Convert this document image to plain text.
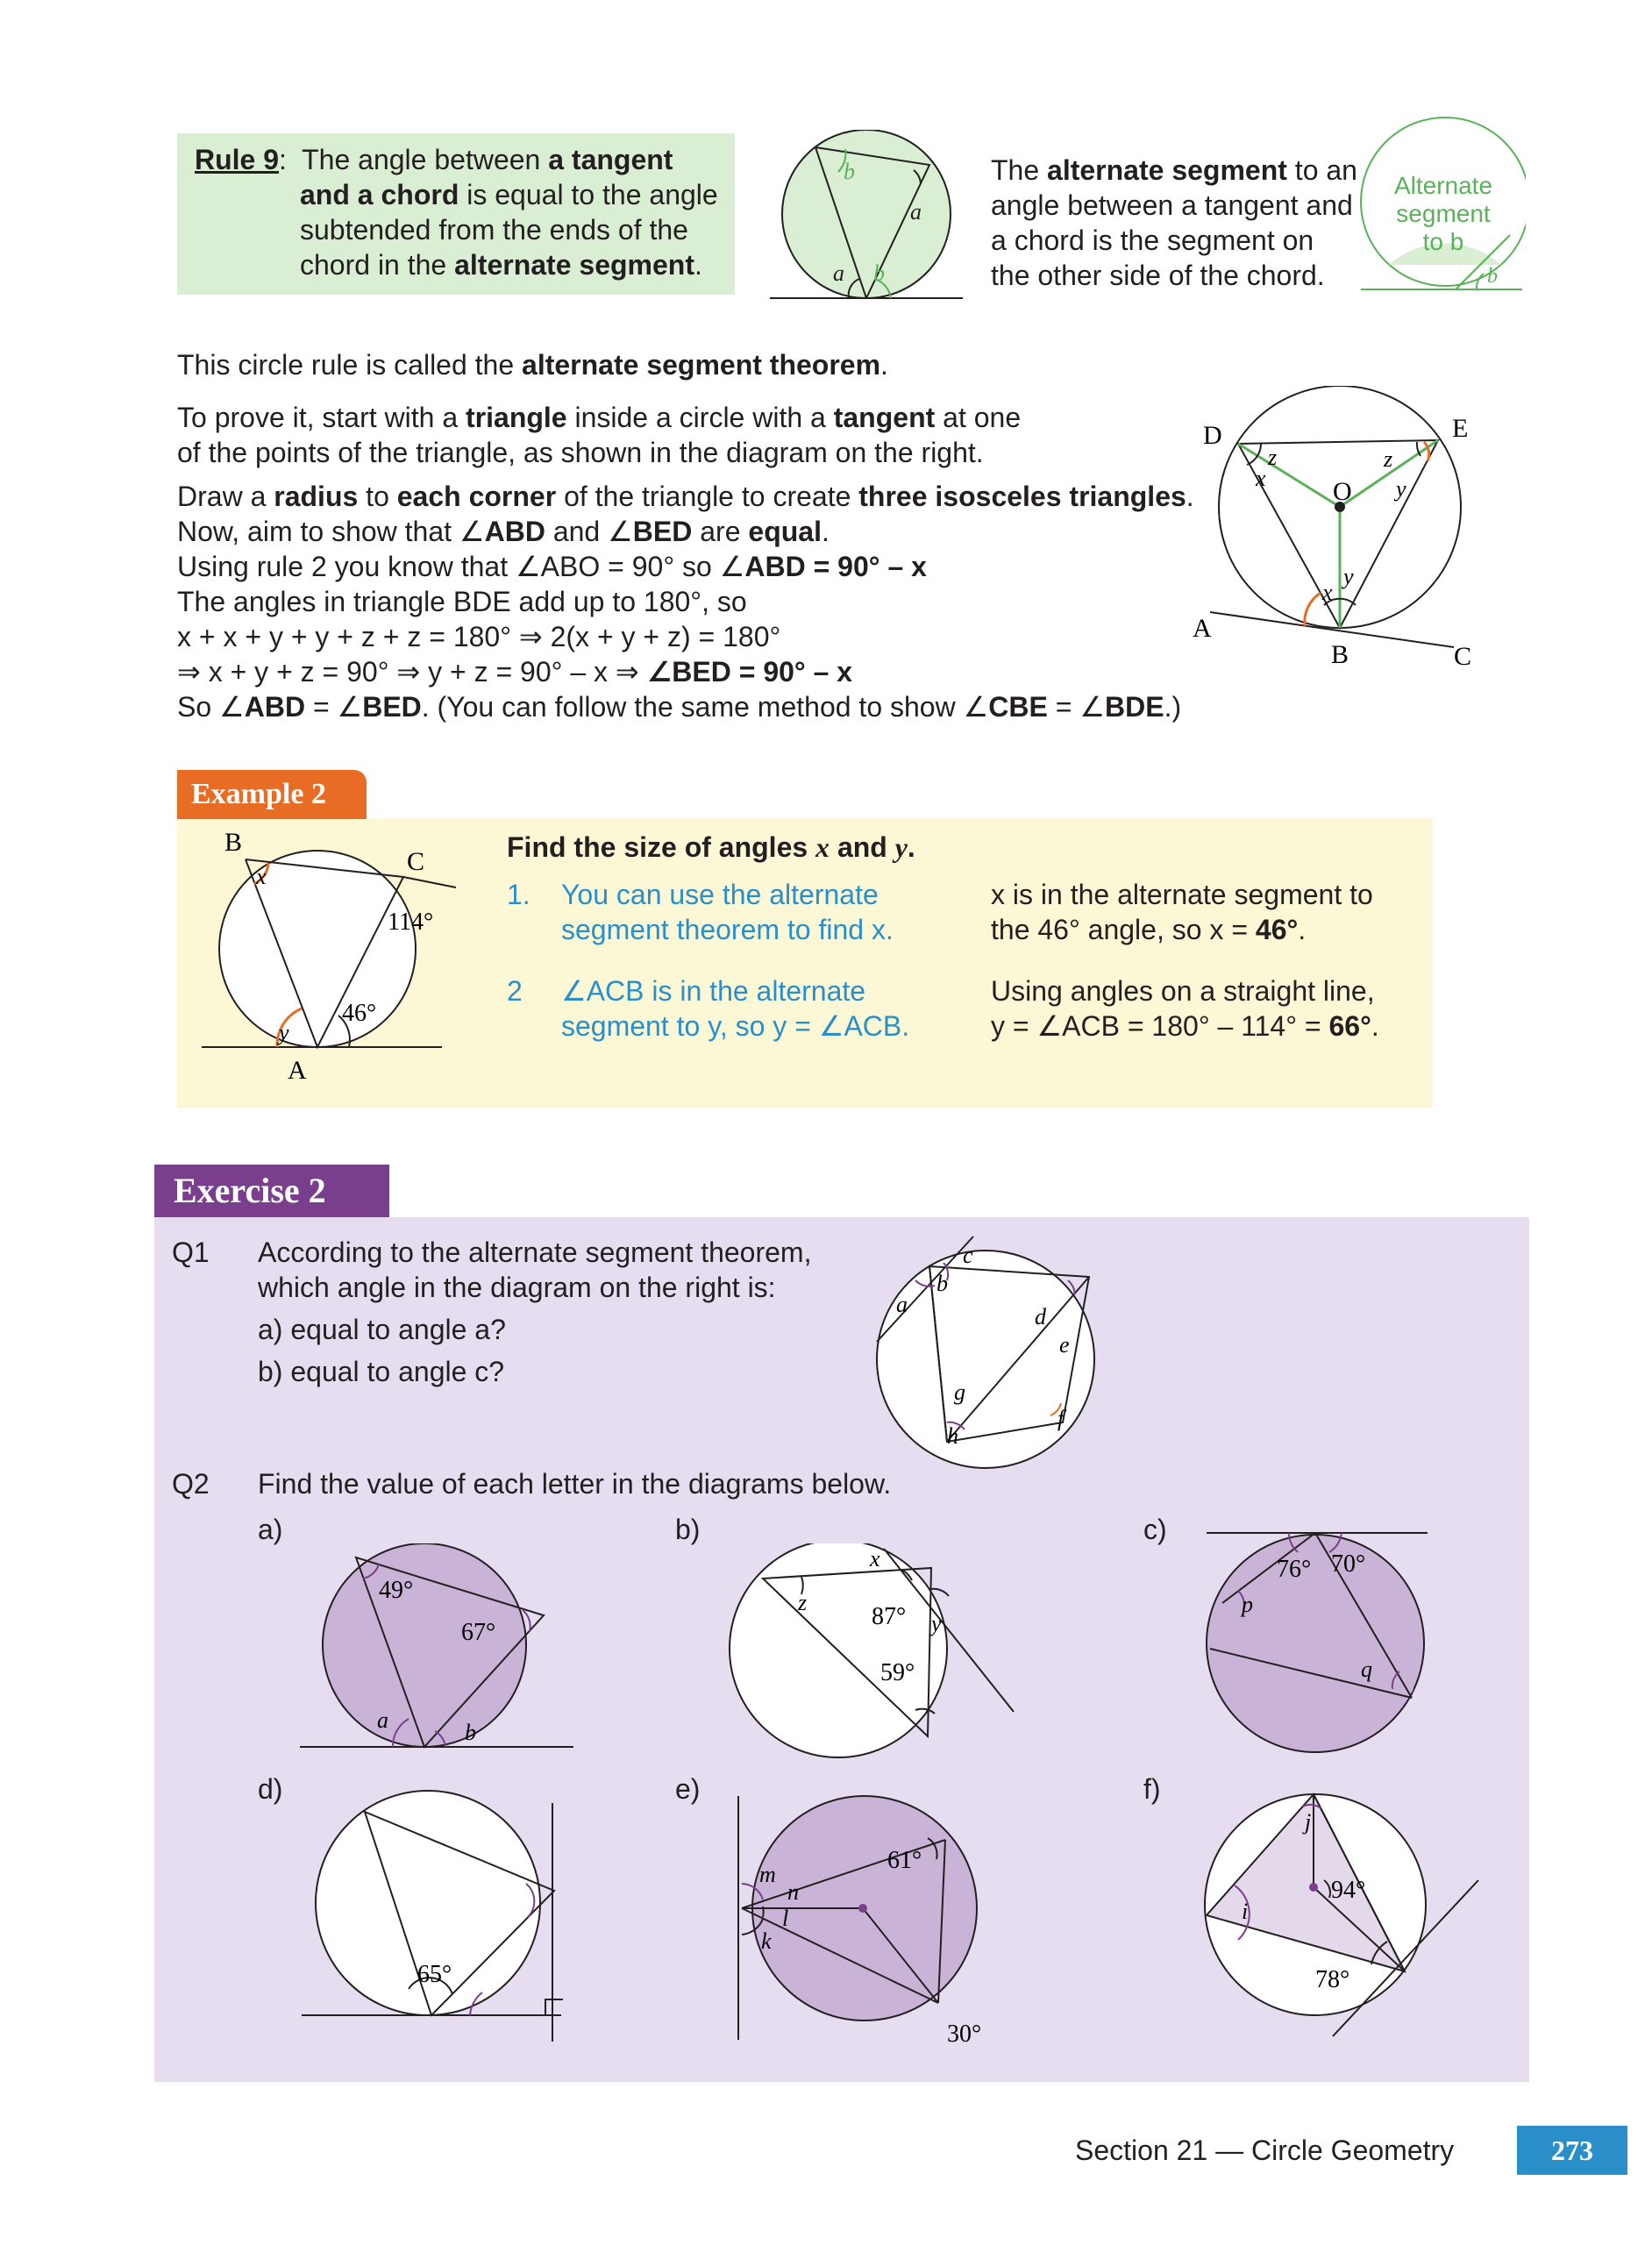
Rule 9: The angle between a tangent
and a chord is equal to the angle
subtended from the ends of the
chord in the alternate segment.
b
a
a b
The alternate segment to an
angle between a tangent and
a chord is the segment on
the other side of the chord.	b
Alternate
segment
to b
This circle rule is called the alternate segment theorem.
To prove it, start with a triangle inside a circle with a tangent at one
of the points of the triangle, as shown in the diagram on the right.
Draw a radius to each corner of the triangle to create three isosceles triangles.
Now, aim to show that ∠ABD and ∠BED are equal.
Using rule 2 you know that ∠ABO = 90° so ∠ABD = 90° – x
The angles in triangle BDE add up to 180°, so
x + x + y + y + z + z = 180° ⇒ 2(x + y + z) = 180°
⇒ x + y + z = 90° ⇒ y + z = 90° – x ⇒ ∠BED = 90° – x
So ∠ABD = ∠BED. (You can follow the same method to show ∠CBE = ∠BDE.)
D	E
O
A
B	C
z
x
z
y
x
y
Example 2
B
C
A
x
114°
46°
y
Find the size of angles x and y.
1. You can use the alternate
segment theorem to find x.
x is in the alternate segment to
the 46° angle, so x = 46°.
2	∠ACB is in the alternate
segment to y, so y = ∠ACB.
Using angles on a straight line,
y = ∠ACB = 180° – 114° = 66°.
Exercise 2
Q1	According to the alternate segment theorem,
which angle in the diagram on the right is:
a) equal to angle a?
b) equal to angle c?
a
b
c
d
e
f
g
h
Q2	Find the value of each letter in the diagrams below.
a)	b)	c)
d)	e)	f)
49°
67°
a	b
x
z
87° y
59°
76° 70°
p
q
65°
m
n
l
k
61°
30°
j
i
94°
78°
Section 21 — Circle Geometry	273
